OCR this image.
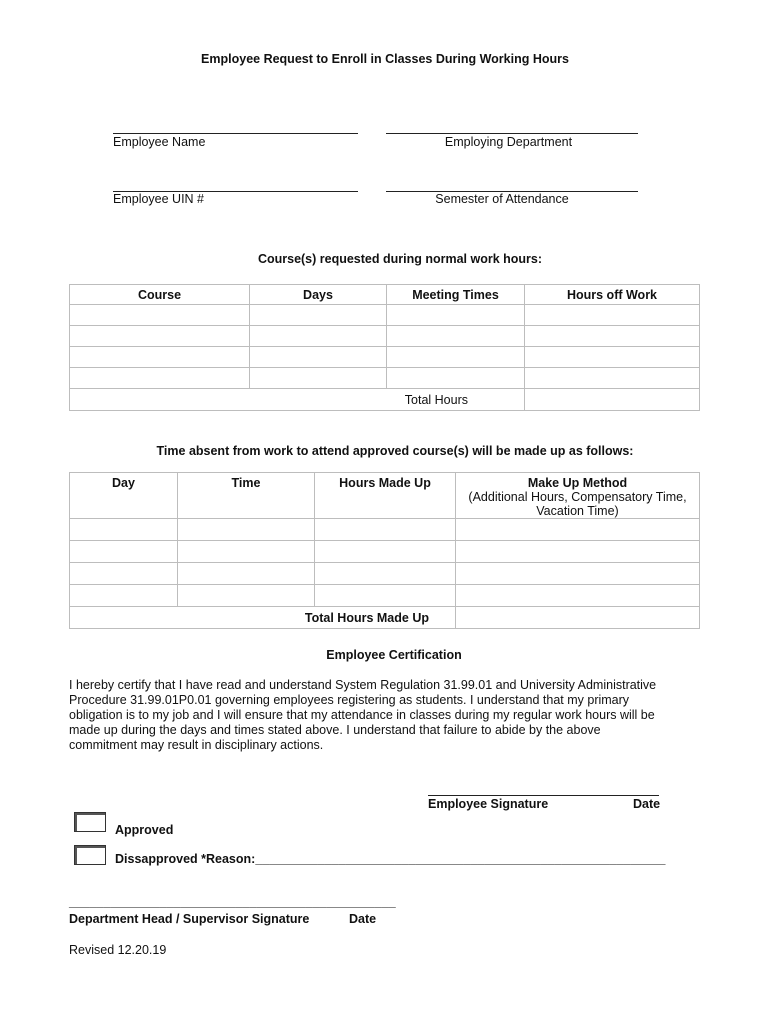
Employee Request to Enroll in Classes During Working Hours
Employee Name	Employing Department
Employee UIN #	Semester of Attendance
Course(s) requested during normal work hours:
Course	Days	Meeting Times	Hours off Work

Total Hours			
Time absent from work to attend approved course(s) will be made up as follows:
Day	Time	Hours Made Up	Make Up Method
(Additional Hours, Compensatory Time,
Vacation Time)

Total Hours Made Up			
Employee Certification
I hereby certify that I have read and understand System Regulation 31.99.01 and University Administrative
Procedure 31.99.01P0.01 governing employees registering as students. I understand that my primary
obligation is to my job and I will ensure that my attendance in classes during my regular work hours will be
made up during the days and times stated above. I understand that failure to abide by the above
commitment may result in disciplinary actions.
Employee Signature	Date
Approved
Dissapproved *Reason:___________________________________________________________
_______________________________________________
Department Head / Supervisor Signature	Date
Revised 12.20.19
